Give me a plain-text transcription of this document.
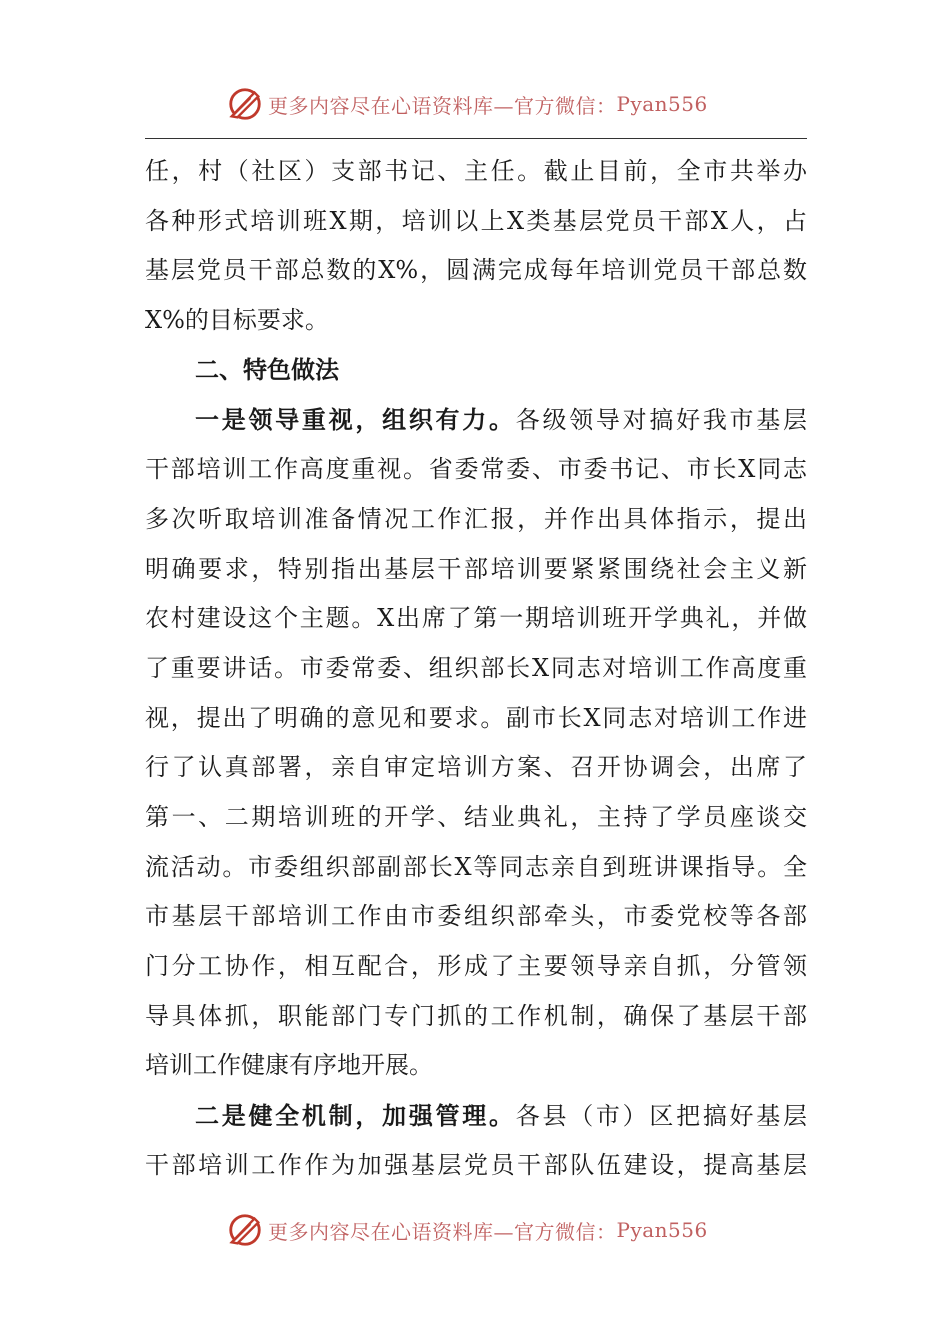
更多内容尽在心语资料库—官方微信： Pyan556
任，村（社区）支部书记、主任。截止目前，全市共举办
各种形式培训班X期，培训以上X类基层党员干部X人，占
基层党员干部总数的X%，圆满完成每年培训党员干部总数
X%的目标要求。
二、特色做法
一是领导重视，组织有力。各级领导对搞好我市基层
干部培训工作高度重视。省委常委、市委书记、市长X同志
多次听取培训准备情况工作汇报，并作出具体指示，提出
明确要求，特别指出基层干部培训要紧紧围绕社会主义新
农村建设这个主题。X出席了第一期培训班开学典礼，并做
了重要讲话。市委常委、组织部长X同志对培训工作高度重
视，提出了明确的意见和要求。副市长X同志对培训工作进
行了认真部署，亲自审定培训方案、召开协调会，出席了
第一、二期培训班的开学、结业典礼，主持了学员座谈交
流活动。市委组织部副部长X等同志亲自到班讲课指导。全
市基层干部培训工作由市委组织部牵头，市委党校等各部
门分工协作，相互配合，形成了主要领导亲自抓，分管领
导具体抓，职能部门专门抓的工作机制，确保了基层干部
培训工作健康有序地开展。
二是健全机制，加强管理。各县（市）区把搞好基层
干部培训工作作为加强基层党员干部队伍建设，提高基层
更多内容尽在心语资料库—官方微信： Pyan556
